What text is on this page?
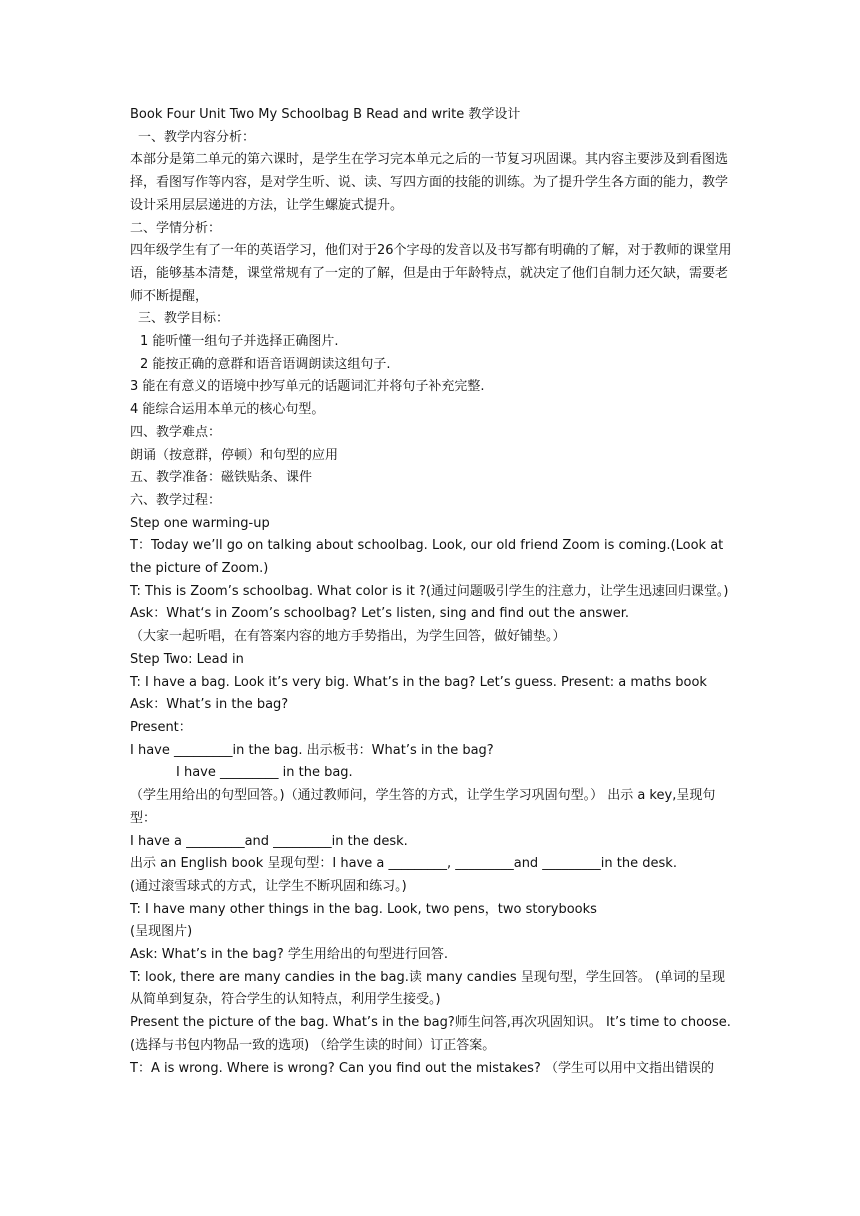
Book Four Unit Two My Schoolbag B Read and write 教学设计
一、教学内容分析：
本部分是第二单元的第六课时，是学生在学习完本单元之后的一节复习巩固课。其内容主要涉及到看图选择，看图写作等内容，是对学生听、说、读、写四方面的技能的训练。为了提升学生各方面的能力，教学设计采用层层递进的方法，让学生螺旋式提升。
二、学情分析：
四年级学生有了一年的英语学习，他们对于26个字母的发音以及书写都有明确的了解，对于教师的课堂用语，能够基本清楚，课堂常规有了一定的了解，但是由于年龄特点，就决定了他们自制力还欠缺，需要老师不断提醒，
三、教学目标：
1 能听懂一组句子并选择正确图片.
2 能按正确的意群和语音语调朗读这组句子.
3 能在有意义的语境中抄写单元的话题词汇并将句子补充完整.
4 能综合运用本单元的核心句型。
四、教学难点：
朗诵（按意群，停顿）和句型的应用
五、教学准备：磁铁贴条、课件
六、教学过程：
Step one warming-up
T：Today we’ll go on talking about schoolbag. Look, our old friend Zoom is coming.(Look at the picture of Zoom.)
T: This is Zoom’s schoolbag. What color is it ?(通过问题吸引学生的注意力，让学生迅速回归课堂。)
Ask：What‘s in Zoom’s schoolbag? Let’s listen, sing and find out the answer.
（大家一起听唱，在有答案内容的地方手势指出，为学生回答，做好铺垫。）
Step Two: Lead in
T: I have a bag. Look it’s very big. What’s in the bag? Let’s guess. Present: a maths book
Ask：What’s in the bag?
Present：
I have _________in the bag. 出示板书：What’s in the bag?
I have _________ in the bag.
（学生用给出的句型回答。)（通过教师问，学生答的方式，让学生学习巩固句型。） 出示 a key,呈现句型：
I have a _________and _________in the desk.
出示 an English book 呈现句型：I have a _________, _________and _________in the desk.
(通过滚雪球式的方式，让学生不断巩固和练习。)
T: I have many other things in the bag. Look, two pens，two storybooks
(呈现图片)
Ask: What’s in the bag? 学生用给出的句型进行回答.
T: look, there are many candies in the bag.读 many candies 呈现句型，学生回答。 (单词的呈现从简单到复杂，符合学生的认知特点，利用学生接受。)
Present the picture of the bag. What’s in the bag?师生问答,再次巩固知识。 It’s time to choose.(选择与书包内物品一致的选项) （给学生读的时间）订正答案。
T：A is wrong. Where is wrong? Can you find out the mistakes? （学生可以用中文指出错误的
